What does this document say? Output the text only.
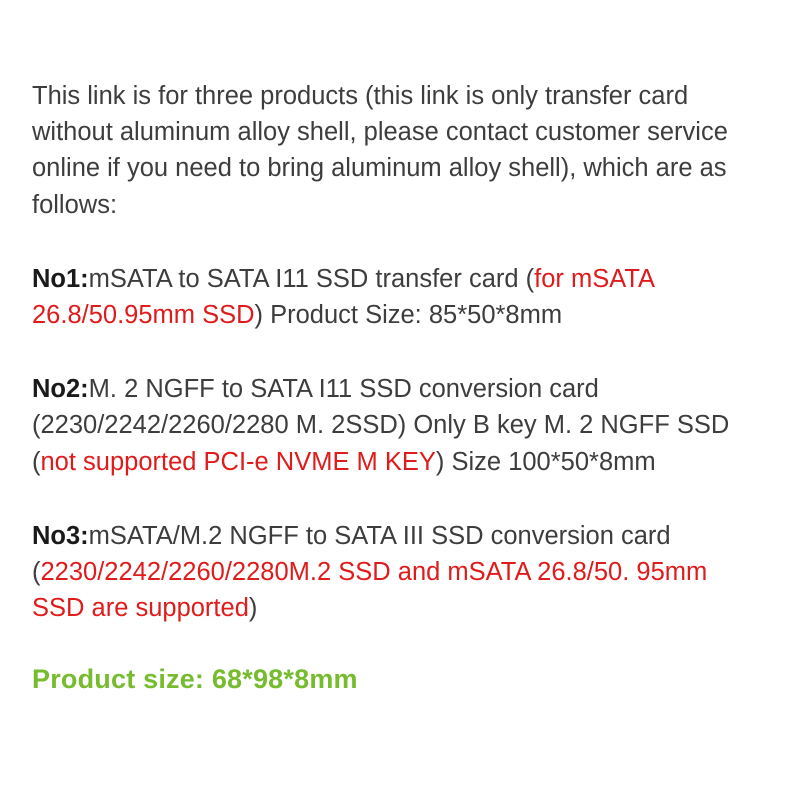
This link is for three products (this link is only transfer card without aluminum alloy shell, please contact customer service online if you need to bring aluminum alloy shell), which are as follows:

No1:mSATA to SATA I11 SSD transfer card (for mSATA 26.8/50.95mm SSD) Product Size: 85*50*8mm

No2:M. 2 NGFF to SATA I11 SSD conversion card (2230/2242/2260/2280 M. 2SSD) Only B key M. 2 NGFF SSD (not supported PCI-e NVME M KEY) Size 100*50*8mm

No3:mSATA/M.2 NGFF to SATA III SSD conversion card (2230/2242/2260/2280M.2 SSD and mSATA 26.8/50. 95mm SSD are supported)

Product size: 68*98*8mm
